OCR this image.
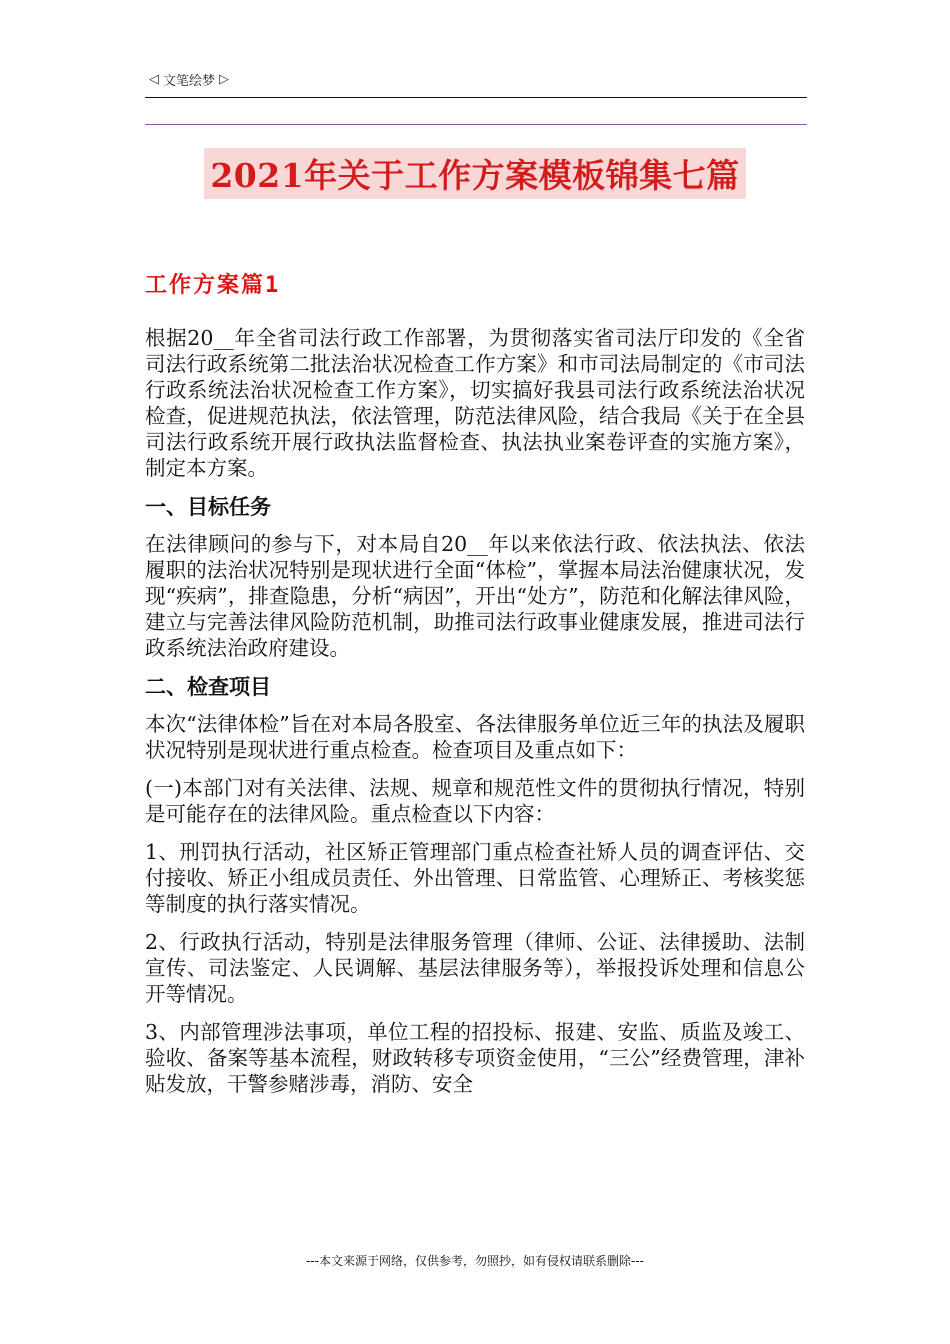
◁ 文笔绘梦 ▷
2021年关于工作方案模板锦集七篇
工作方案篇1

根据20__年全省司法行政工作部署，为贯彻落实省司法厅印发的《全省司法行政系统第二批法治状况检查工作方案》和市司法局制定的《市司法行政系统法治状况检查工作方案》，切实搞好我县司法行政系统法治状况检查，促进规范执法，依法管理，防范法律风险，结合我局《关于在全县司法行政系统开展行政执法监督检查、执法执业案卷评查的实施方案》，制定本方案。

一、目标任务

在法律顾问的参与下，对本局自20__年以来依法行政、依法执法、依法履职的法治状况特别是现状进行全面“体检”，掌握本局法治健康状况，发现“疾病”，排查隐患，分析“病因”，开出“处方”，防范和化解法律风险，建立与完善法律风险防范机制，助推司法行政事业健康发展，推进司法行政系统法治政府建设。

二、检查项目

本次“法律体检”旨在对本局各股室、各法律服务单位近三年的执法及履职状况特别是现状进行重点检查。检查项目及重点如下：

(一)本部门对有关法律、法规、规章和规范性文件的贯彻执行情况，特别是可能存在的法律风险。重点检查以下内容：

1、刑罚执行活动，社区矫正管理部门重点检查社矫人员的调查评估、交付接收、矫正小组成员责任、外出管理、日常监管、心理矫正、考核奖惩等制度的执行落实情况。

2、行政执行活动，特别是法律服务管理（律师、公证、法律援助、法制宣传、司法鉴定、人民调解、基层法律服务等），举报投诉处理和信息公开等情况。

3、内部管理涉法事项，单位工程的招投标、报建、安监、质监及竣工、验收、备案等基本流程，财政转移专项资金使用，“三公”经费管理，津补贴发放，干警参赌涉毒，消防、安全

---本文来源于网络，仅供参考，勿照抄，如有侵权请联系删除---
